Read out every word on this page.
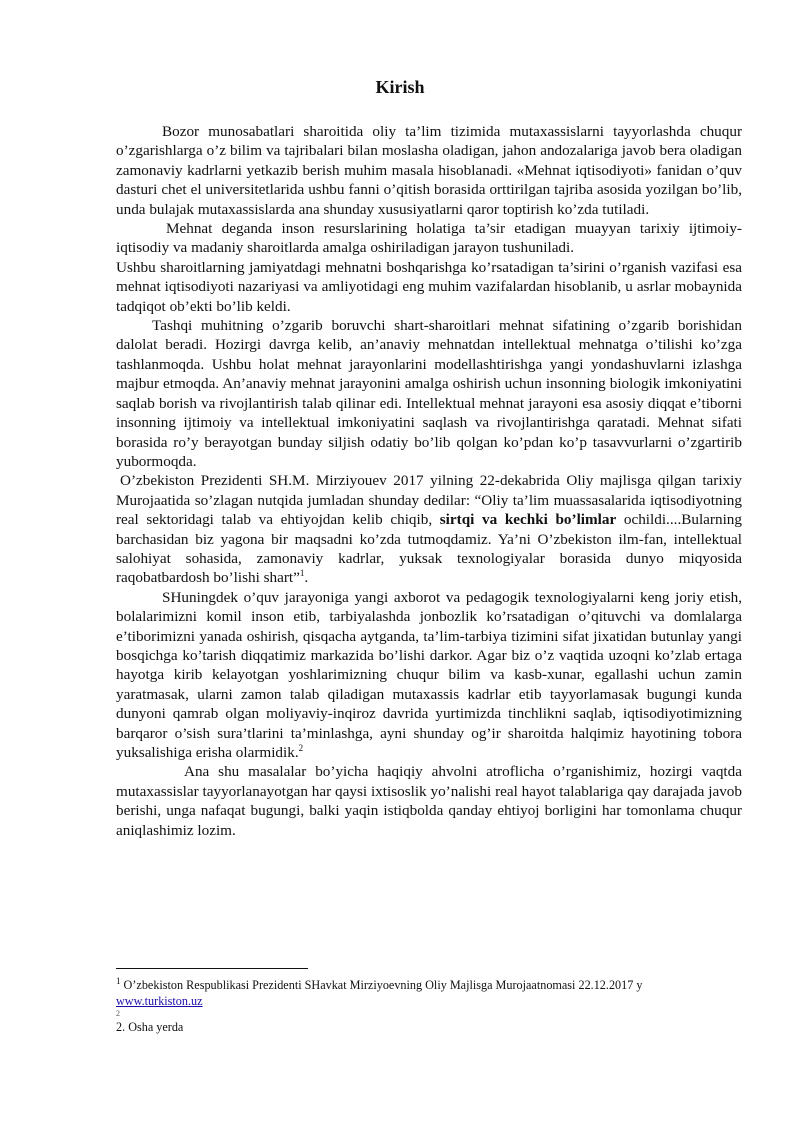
Kirish

Bozor munosabatlari sharoitida oliy ta’lim tizimida mutaxassislarni tayyorlashda chuqur o’zgarishlarga o’z bilim va tajribalari bilan moslasha oladigan, jahon andozalariga javob bera oladigan zamonaviy kadrlarni yetkazib berish muhim masala hisoblanadi. «Mehnat iqtisodiyoti» fanidan o’quv dasturi chet el universitetlarida ushbu fanni o’qitish borasida orttirilgan tajriba asosida yozilgan bo’lib, unda bulajak mutaxassislarda ana shunday xususiyatlarni qaror toptirish ko’zda tutiladi.

Mehnat deganda inson resurslarining holatiga ta’sir etadigan muayyan tarixiy ijtimoiy-iqtisodiy va madaniy sharoitlarda amalga oshiriladigan jarayon tushuniladi.

Ushbu sharoitlarning jamiyatdagi mehnatni boshqarishga ko’rsatadigan ta’sirini o’rganish vazifasi esa mehnat iqtisodiyoti nazariyasi va amliyotidagi eng muhim vazifalardan hisoblanib, u asrlar mobaynida tadqiqot ob’ekti bo’lib keldi.

Tashqi muhitning o’zgarib boruvchi shart-sharoitlari mehnat sifatining o’zgarib borishidan dalolat beradi. Hozirgi davrga kelib, an’anaviy mehnatdan intellektual mehnatga o’tilishi ko’zga tashlanmoqda. Ushbu holat mehnat jarayonlarini modellashtirishga yangi yondashuvlarni izlashga majbur etmoqda. An’anaviy mehnat jarayonini amalga oshirish uchun insonning biologik imkoniyatini saqlab borish va rivojlantirish talab qilinar edi. Intellektual mehnat jarayoni esa asosiy diqqat e’tiborni insonning ijtimoiy va intellektual imkoniyatini saqlash va rivojlantirishga qaratadi. Mehnat sifati borasida ro’y berayotgan bunday siljish odatiy bo’lib qolgan ko’pdan ko’p tasavvurlarni o’zgartirib yubormoqda.

O’zbekiston Prezidenti SH.M. Mirziyouev 2017 yilning 22-dekabrida Oliy majlisga qilgan tarixiy Murojaatida so’zlagan nutqida jumladan shunday dedilar: “Oliy ta’lim muassasalarida iqtisodiyotning real sektoridagi talab va ehtiyojdan kelib chiqib, sirtqi va kechki bo’limlar ochildi....Bularning barchasidan biz yagona bir maqsadni ko’zda tutmoqdamiz. Ya’ni O’zbekiston ilm-fan, intellektual salohiyat sohasida, zamonaviy kadrlar, yuksak texnologiyalar borasida dunyo miqyosida raqobatbardosh bo’lishi shart”$^1$.

SHuningdek o’quv jarayoniga yangi axborot va pedagogik texnologiyalarni keng joriy etish, bolalarimizni komil inson etib, tarbiyalashda jonbozlik ko’rsatadigan o’qituvchi va domlalarga e’tiborimizni yanada oshirish, qisqacha aytganda, ta’lim-tarbiya tizimini sifat jixatidan butunlay yangi bosqichga ko’tarish diqqatimiz markazida bo’lishi darkor. Agar biz o’z vaqtida uzoqni ko’zlab ertaga hayotga kirib kelayotgan yoshlarimizning chuqur bilim va kasb-xunar, egallashi uchun zamin yaratmasak, ularni zamon talab qiladigan mutaxassis kadrlar etib tayyorlamasak bugungi kunda dunyoni qamrab olgan moliyaviy-inqiroz davrida yurtimizda tinchlikni saqlab, iqtisodiyotimizning barqaror o’sish sura’tlarini ta’minlashga, ayni shunday og’ir sharoitda halqimiz hayotining tobora yuksalishiga erisha olarmidik.$^2$

Ana shu masalalar bo’yicha haqiqiy ahvolni atroflicha o’rganishimiz, hozirgi vaqtda mutaxassislar tayyorlanayotgan har qaysi ixtisoslik yo’nalishi real hayot talablariga qay darajada javob berishi, unga nafaqat bugungi, balki yaqin istiqbolda qanday ehtiyoj borligini har tomonlama chuqur aniqlashimiz lozim.

$^1$ O’zbekiston Respublikasi Prezidenti SHavkat Mirziyoevning Oliy Majlisga Murojaatnomasi 22.12.2017 y

www.turkiston.uz

2

2. Osha yerda
